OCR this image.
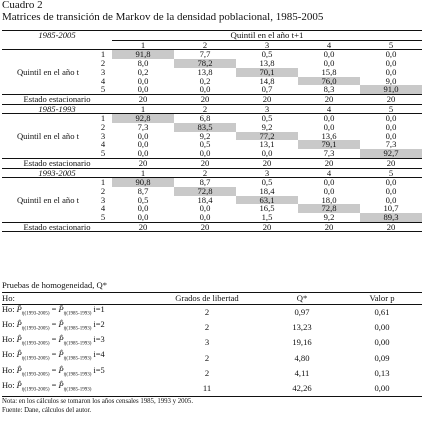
Cuadro 2
Matrices de transición de Markov de la densidad poblacional, 1985-2005
1985-2005		Quintil en el año t+1				
		1	2	3	4	5
Quintil en el año t	1	91,8	7,7	0,5	0,0	0,0
	2	8,0	78,2	13,8	0,0	0,0
	3	0,2	13,8	70,1	15,8	0,0
	4	0,0	0,2	14,8	76,0	9,0
	5	0,0	0,0	0,7	8,3	91,0
Estado estacionario		20	20	20	20	20
1985-1993		1	2	3	4	5
Quintil en el año t	1	92,8	6,8	0,5	0,0	0,0
	2	7,3	83,5	9,2	0,0	0,0
	3	0,0	9,2	77,2	13,6	0,0
	4	0,0	0,5	13,1	79,1	7,3
	5	0,0	0,0	0,0	7,3	92,7
Estado estacionario		20	20	20	20	20
1993-2005		1	2	3	4	5
Quintil en el año t	1	90,8	8,7	0,5	0,0	0,0
	2	8,7	72,8	18,4	0,0	0,0
	3	0,5	18,4	63,1	18,0	0,0
	4	0,0	0,0	16,5	72,8	10,7
	5	0,0	0,0	1,5	9,2	89,3
Estado estacionario		20	20	20	20	20
Pruebas de homogeneidad, Q*
Ho:	Grados de libertad	Q*	Valor p
Ho: $P̂_{ij(1993-2005)}$ = $P̂_{ij(1985-1993)}$ i=1	2	0,97	0,61
Ho: $P̂_{ij(1993-2005)}$ = $P̂_{ij(1985-1993)}$ i=2	2	13,23	0,00
Ho: $P̂_{ij(1993-2005)}$ = $P̂_{ij(1985-1993)}$ i=3	3	19,16	0,00
Ho: $P̂_{ij(1993-2005)}$ = $P̂_{ij(1985-1993)}$ i=4	2	4,80	0,09
Ho: $P̂_{ij(1993-2005)}$ = $P̂_{ij(1985-1993)}$ i=5	2	4,11	0,13
Ho: $P̂_{ij(1993-2005)}$ = $P̂_{ij(1985-1993)}$	11	42,26	0,00
Nota: en los cálculos se tomaron los años censales 1985, 1993 y 2005.
Fuente: Dane, cálculos del autor.
